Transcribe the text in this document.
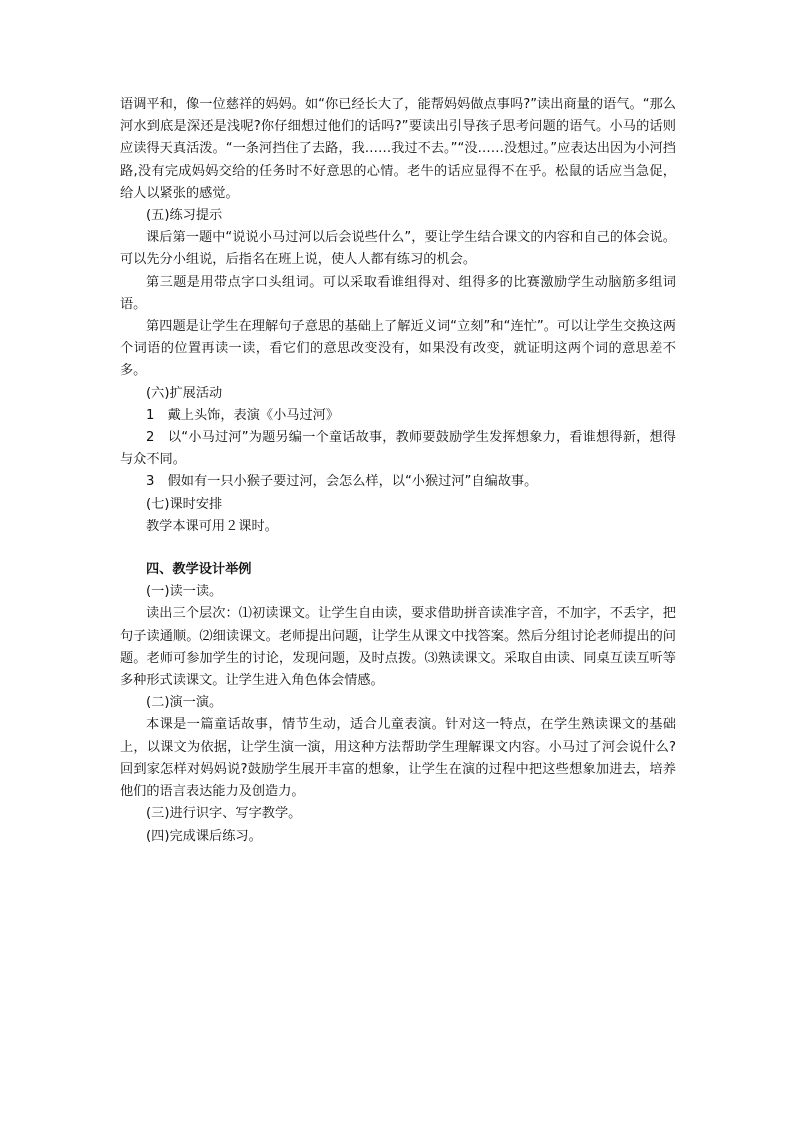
语调平和，像一位慈祥的妈妈。如“你已经长大了，能帮妈妈做点事吗?”读出商量的语气。“那么河水到底是深还是浅呢?你仔细想过他们的话吗?”要读出引导孩子思考问题的语气。小马的话则应读得天真活泼。“一条河挡住了去路，我……我过不去。”“没……没想过。”应表达出因为小河挡路,没有完成妈妈交给的任务时不好意思的心情。老牛的话应显得不在乎。松鼠的话应当急促，给人以紧张的感觉。

(五)练习提示

课后第一题中“说说小马过河以后会说些什么”，要让学生结合课文的内容和自己的体会说。可以先分小组说，后指名在班上说，使人人都有练习的机会。

第三题是用带点字口头组词。可以采取看谁组得对、组得多的比赛激励学生动脑筋多组词语。

第四题是让学生在理解句子意思的基础上了解近义词“立刻”和“连忙”。可以让学生交换这两个词语的位置再读一读，看它们的意思改变没有，如果没有改变，就证明这两个词的意思差不多。

(六)扩展活动

1　戴上头饰，表演《小马过河》

2　以“小马过河”为题另编一个童话故事，教师要鼓励学生发挥想象力，看谁想得新，想得与众不同。

3　假如有一只小猴子要过河，会怎么样，以“小猴过河”自编故事。

(七)课时安排

教学本课可用２课时。

四、教学设计举例

(一)读一读。

读出三个层次：⑴初读课文。让学生自由读，要求借助拼音读准字音，不加字，不丢字，把句子读通顺。⑵细读课文。老师提出问题，让学生从课文中找答案。然后分组讨论老师提出的问题。老师可参加学生的讨论，发现问题，及时点拨。⑶熟读课文。采取自由读、同桌互读互听等多种形式读课文。让学生进入角色体会情感。

(二)演一演。

本课是一篇童话故事，情节生动，适合儿童表演。针对这一特点，在学生熟读课文的基础上，以课文为依据，让学生演一演，用这种方法帮助学生理解课文内容。小马过了河会说什么?回到家怎样对妈妈说?鼓励学生展开丰富的想象，让学生在演的过程中把这些想象加进去，培养他们的语言表达能力及创造力。

(三)进行识字、写字教学。

(四)完成课后练习。
